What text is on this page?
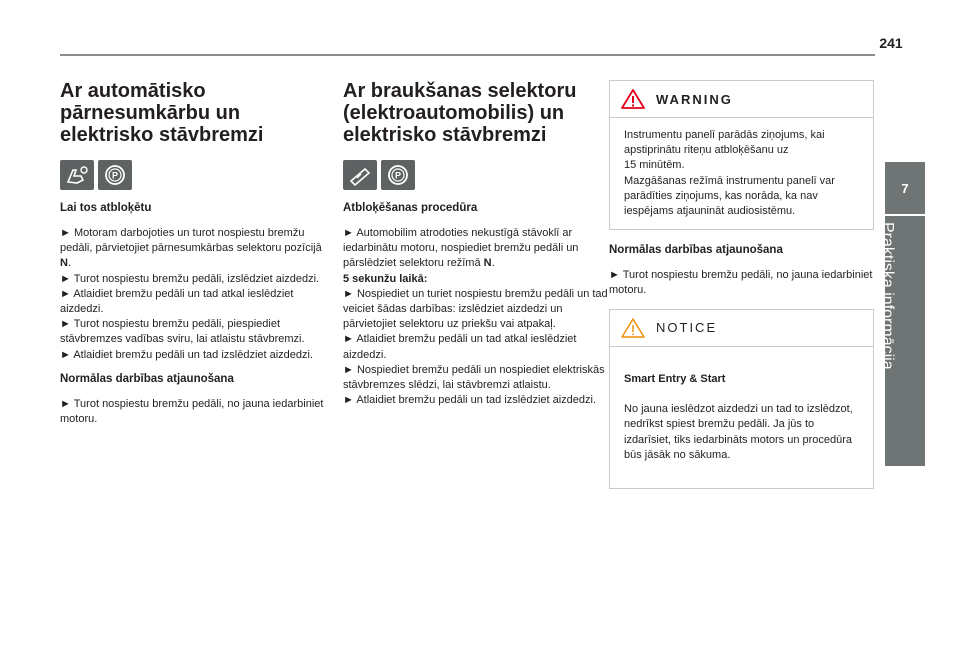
241
7
Praktiska informācija
Ar automātisko
pārnesumkārbu un
elektrisko stāvbremzi
P
Lai tos atbloķētu

► Motoram darbojoties un turot nospiestu bremžu pedāli, pārvietojiet pārnesumkārbas selektoru pozīcijā N.

► Turot nospiestu bremžu pedāli, izslēdziet aizdedzi.

► Atlaidiet bremžu pedāli un tad atkal ieslēdziet aizdedzi.

► Turot nospiestu bremžu pedāli, piespiediet stāvbremzes vadības sviru, lai atlaistu stāvbremzi.

► Atlaidiet bremžu pedāli un tad izslēdziet aizdedzi.

Normālas darbības atjaunošana

► Turot nospiestu bremžu pedāli, no jauna iedarbiniet motoru.

Ar braukšanas selektoru
(elektroautomobilis) un
elektrisko stāvbremzi
P
Atbloķēšanas procedūra

► Automobilim atrodoties nekustīgā stāvoklī ar iedarbinātu motoru, nospiediet bremžu pedāli un pārslēdziet selektoru režīmā N.

5 sekunžu laikā:

► Nospiediet un turiet nospiestu bremžu pedāli un tad veiciet šādas darbības: izslēdziet aizdedzi un pārvietojiet selektoru uz priekšu vai atpakaļ.

► Atlaidiet bremžu pedāli un tad atkal ieslēdziet aizdedzi.

► Nospiediet bremžu pedāli un nospiediet elektriskās stāvbremzes slēdzi, lai stāvbremzi atlaistu.

► Atlaidiet bremžu pedāli un tad izslēdziet aizdedzi.

WARNING
Instrumentu panelī parādās ziņojums, kai apstiprinātu riteņu atbloķēšanu uz
15 minūtēm.
Mazgāšanas režīmā instrumentu panelī var parādīties ziņojums, kas norāda, ka nav iespējams atjaunināt audiosistēmu.
Normālas darbības atjaunošana

► Turot nospiestu bremžu pedāli, no jauna iedarbiniet motoru.

NOTICE

Smart Entry & Start

No jauna ieslēdzot aizdedzi un tad to izslēdzot, nedrīkst spiest bremžu pedāli. Ja jūs to izdarīsiet, tiks iedarbināts motors un procedūra būs jāsāk no sākuma.
